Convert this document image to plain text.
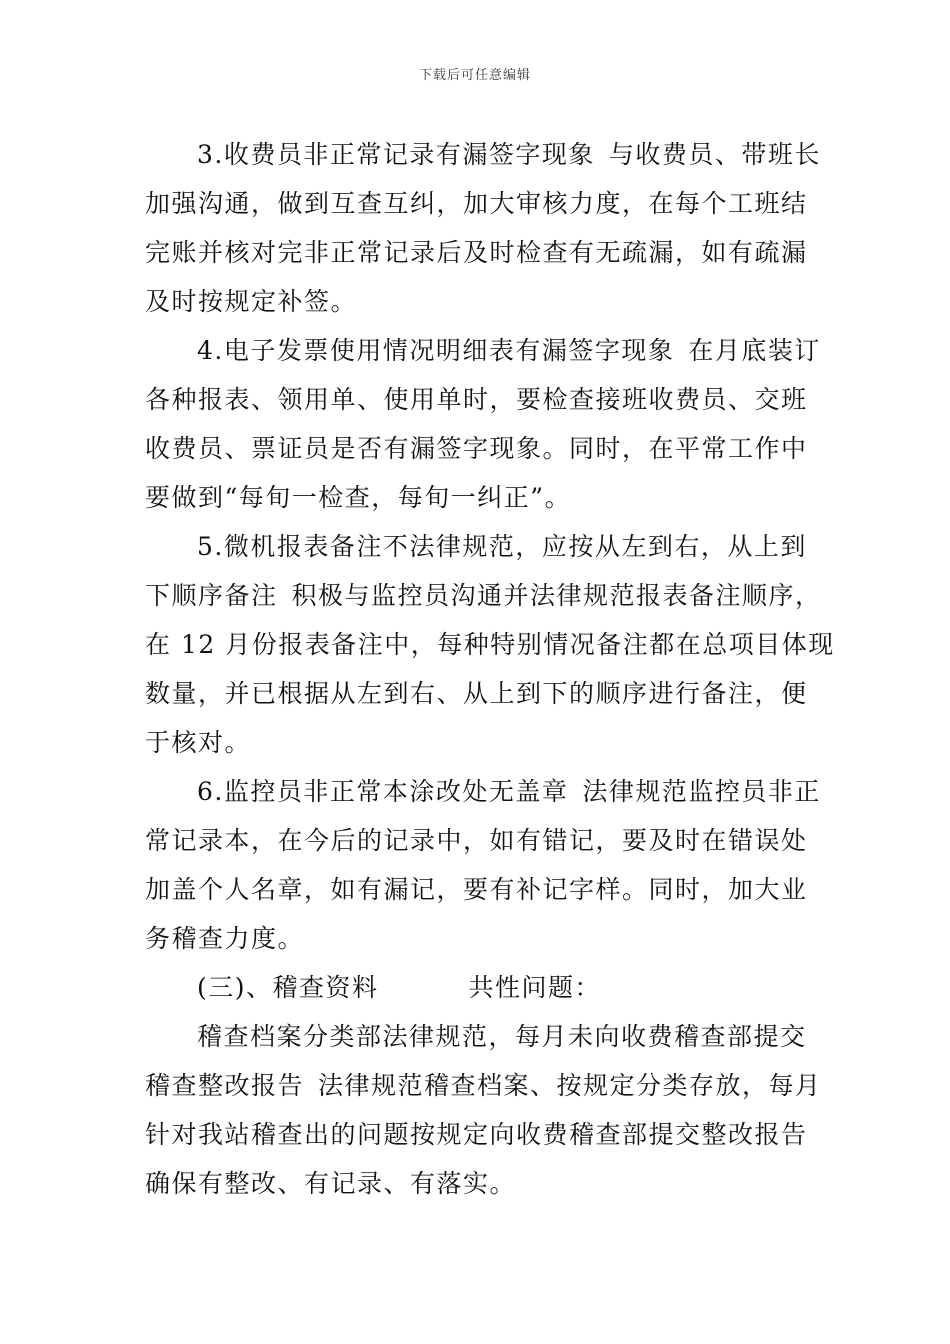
下载后可任意编辑
3.收费员非正常记录有漏签字现象 与收费员、带班长
加强沟通，做到互查互纠，加大审核力度，在每个工班结
完账并核对完非正常记录后及时检查有无疏漏，如有疏漏
及时按规定补签。
4.电子发票使用情况明细表有漏签字现象 在月底装订
各种报表、领用单、使用单时，要检查接班收费员、交班
收费员、票证员是否有漏签字现象。同时，在平常工作中
要做到“每旬一检查，每旬一纠正”。
5.微机报表备注不法律规范，应按从左到右，从上到
下顺序备注 积极与监控员沟通并法律规范报表备注顺序，
在 12 月份报表备注中，每种特别情况备注都在总项目体现
数量，并已根据从左到右、从上到下的顺序进行备注，便
于核对。
6.监控员非正常本涂改处无盖章 法律规范监控员非正
常记录本，在今后的记录中，如有错记，要及时在错误处
加盖个人名章，如有漏记，要有补记字样。同时，加大业
务稽查力度。
(三)、稽查资料	共性问题：
稽查档案分类部法律规范，每月未向收费稽查部提交
稽查整改报告 法律规范稽查档案、按规定分类存放，每月
针对我站稽查出的问题按规定向收费稽查部提交整改报告
确保有整改、有记录、有落实。
